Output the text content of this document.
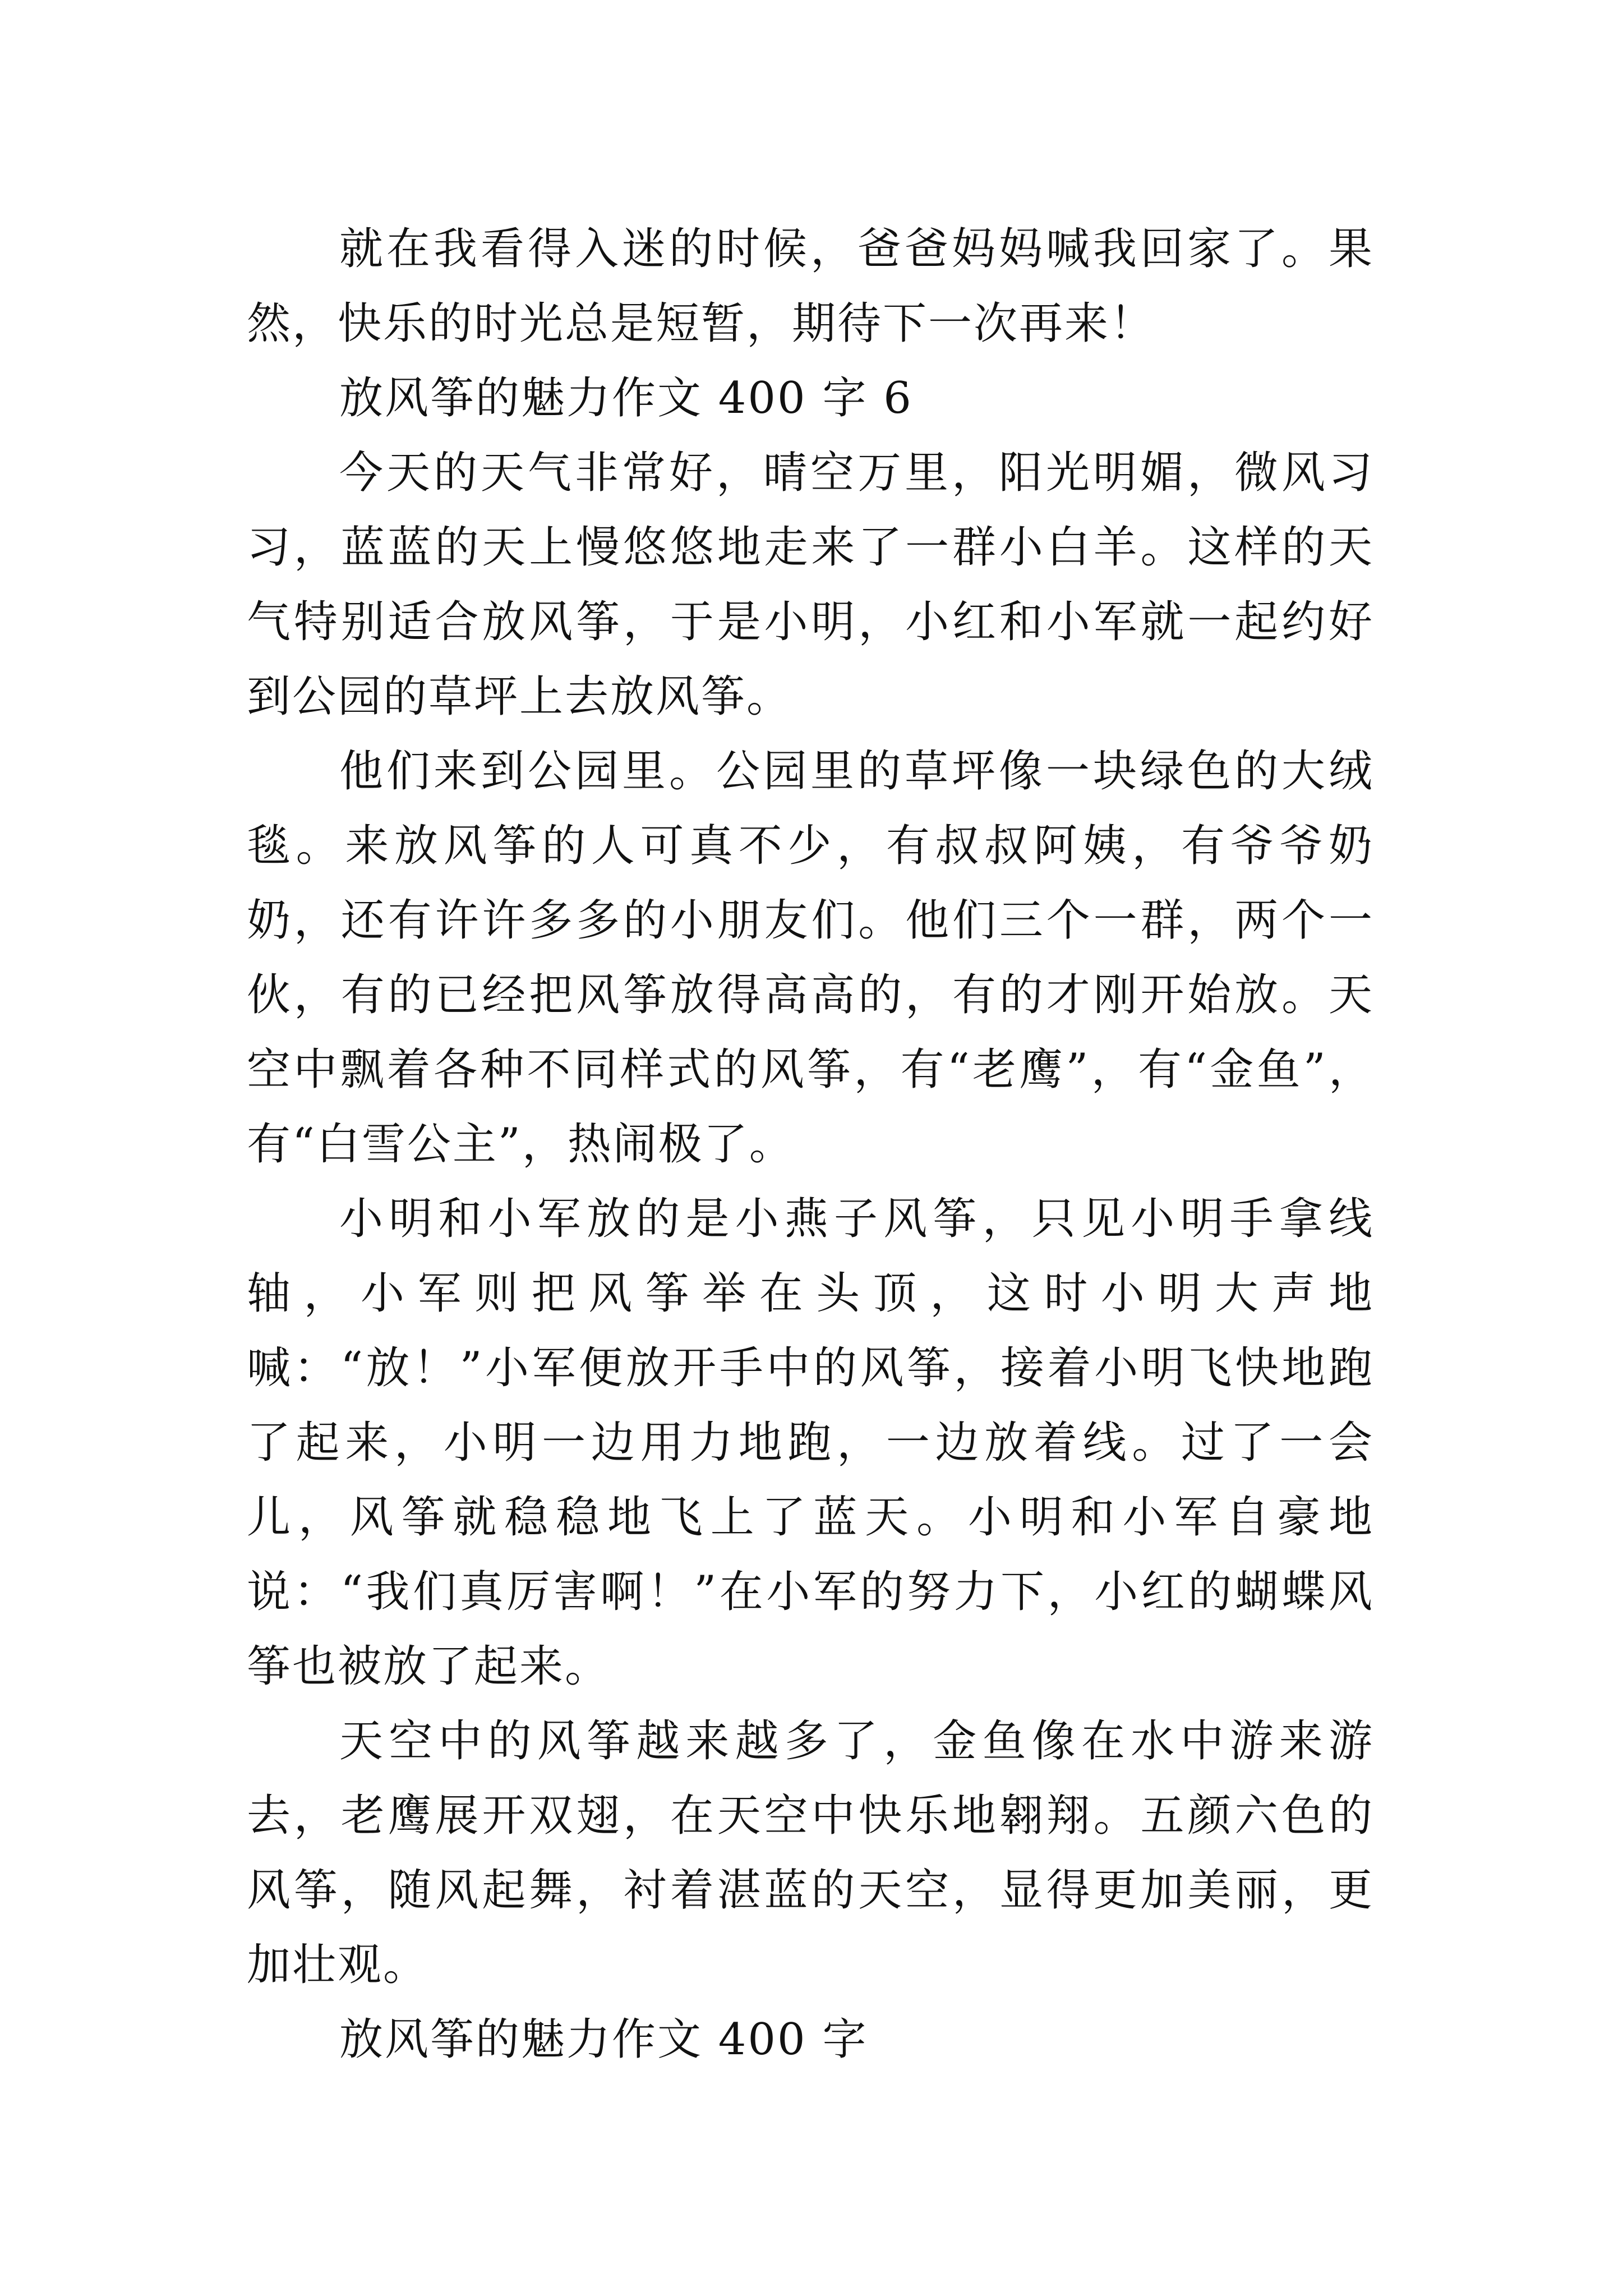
就在我看得入迷的时候，爸爸妈妈喊我回家了。果然，快乐的时光总是短暂，期待下一次再来！

放风筝的魅力作文 400 字 6

今天的天气非常好，晴空万里，阳光明媚，微风习习，蓝蓝的天上慢悠悠地走来了一群小白羊。这样的天气特别适合放风筝，于是小明，小红和小军就一起约好到公园的草坪上去放风筝。

他们来到公园里。公园里的草坪像一块绿色的大绒毯。来放风筝的人可真不少，有叔叔阿姨，有爷爷奶奶，还有许许多多的小朋友们。他们三个一群，两个一伙，有的已经把风筝放得高高的，有的才刚开始放。天空中飘着各种不同样式的风筝，有“老鹰”，有“金鱼”，有“白雪公主”，热闹极了。

小明和小军放的是小燕子风筝，只见小明手拿线轴，小军则把风筝举在头顶，这时小明大声地喊：“放！”小军便放开手中的风筝，接着小明飞快地跑了起来，小明一边用力地跑，一边放着线。过了一会儿，风筝就稳稳地飞上了蓝天。小明和小军自豪地说：“我们真厉害啊！”在小军的努力下，小红的蝴蝶风筝也被放了起来。

天空中的风筝越来越多了，金鱼像在水中游来游去，老鹰展开双翅，在天空中快乐地翱翔。五颜六色的风筝，随风起舞，衬着湛蓝的天空，显得更加美丽，更加壮观。

放风筝的魅力作文 400 字
